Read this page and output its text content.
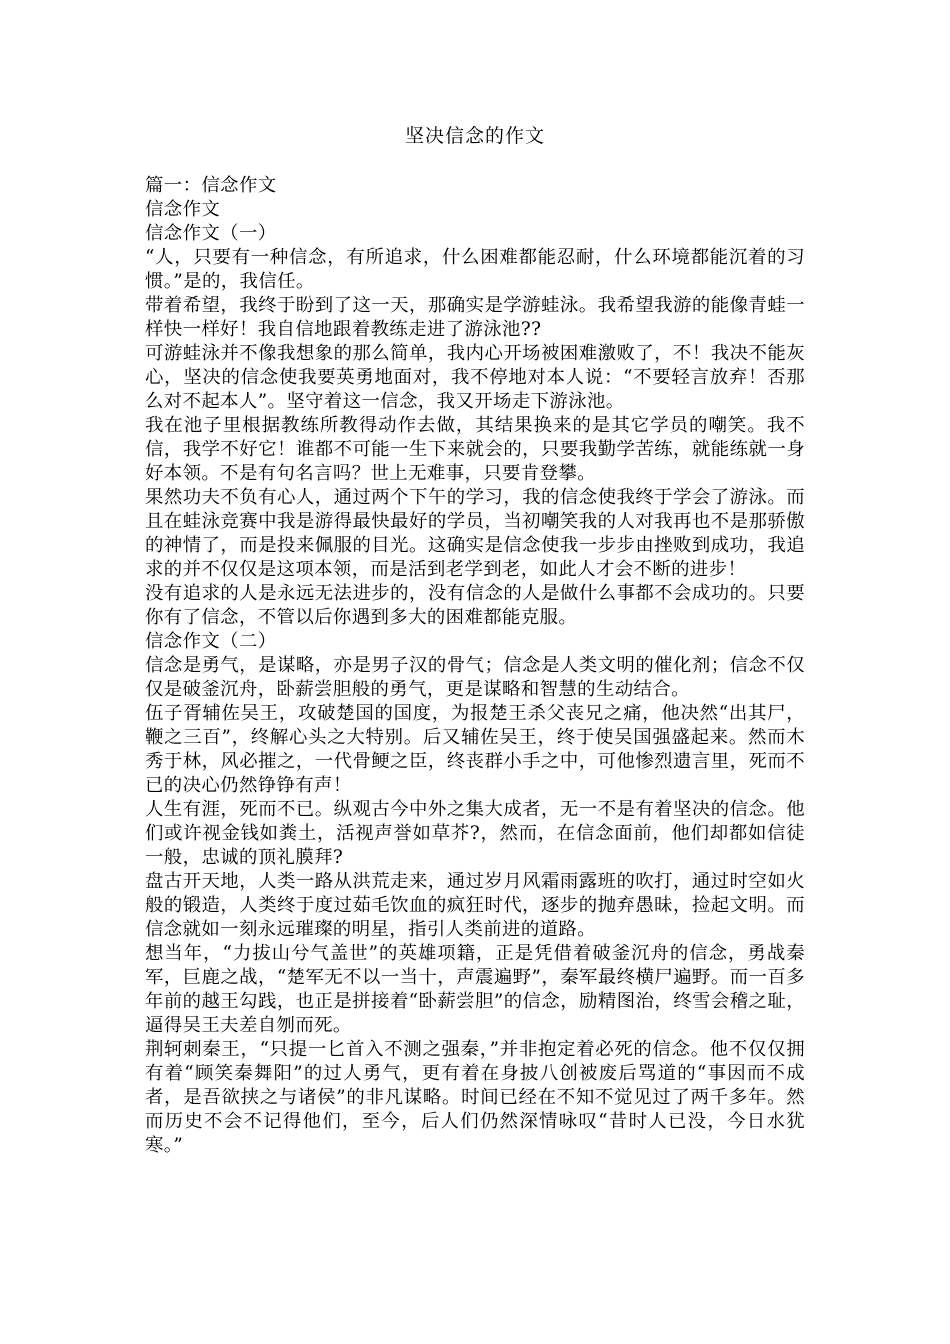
坚决信念的作文

篇一：信念作文

信念作文

信念作文（一）

“人，只要有一种信念，有所追求，什么困难都能忍耐，什么环境都能沉着的习惯。”是的，我信任。

带着希望，我终于盼到了这一天，那确实是学游蛙泳。我希望我游的能像青蛙一样快一样好！我自信地跟着教练走进了游泳池??

可游蛙泳并不像我想象的那么简单，我内心开场被困难激败了，不！我决不能灰心，坚决的信念使我要英勇地面对，我不停地对本人说：“不要轻言放弃！否那么对不起本人”。坚守着这一信念，我又开场走下游泳池。

我在池子里根据教练所教得动作去做，其结果换来的是其它学员的嘲笑。我不信，我学不好它！谁都不可能一生下来就会的，只要我勤学苦练，就能练就一身好本领。不是有句名言吗？世上无难事，只要肯登攀。

果然功夫不负有心人，通过两个下午的学习，我的信念使我终于学会了游泳。而且在蛙泳竞赛中我是游得最快最好的学员，当初嘲笑我的人对我再也不是那骄傲的神情了，而是投来佩服的目光。这确实是信念使我一步步由挫败到成功，我追求的并不仅仅是这项本领，而是活到老学到老，如此人才会不断的进步！

没有追求的人是永远无法进步的，没有信念的人是做什么事都不会成功的。只要你有了信念，不管以后你遇到多大的困难都能克服。

信念作文（二）

信念是勇气，是谋略，亦是男子汉的骨气；信念是人类文明的催化剂；信念不仅仅是破釜沉舟，卧薪尝胆般的勇气，更是谋略和智慧的生动结合。

伍子胥辅佐吴王，攻破楚国的国度，为报楚王杀父丧兄之痛，他决然“出其尸，鞭之三百”，终解心头之大特别。后又辅佐吴王，终于使吴国强盛起来。然而木秀于林，风必摧之，一代骨鲠之臣，终丧群小手之中，可他惨烈遗言里，死而不已的决心仍然铮铮有声！

人生有涯，死而不已。纵观古今中外之集大成者，无一不是有着坚决的信念。他们或许视金钱如粪土，活视声誉如草芥?，然而，在信念面前，他们却都如信徒一般，忠诚的顶礼膜拜?

盘古开天地，人类一路从洪荒走来，通过岁月风霜雨露班的吹打，通过时空如火般的锻造，人类终于度过茹毛饮血的疯狂时代，逐步的抛弃愚昧，捡起文明。而信念就如一刻永远璀璨的明星，指引人类前进的道路。

想当年，“力拔山兮气盖世”的英雄项籍，正是凭借着破釜沉舟的信念，勇战秦军，巨鹿之战，“楚军无不以一当十，声震遍野”，秦军最终横尸遍野。而一百多年前的越王勾践，也正是拼接着“卧薪尝胆”的信念，励精图治，终雪会稽之耻，逼得吴王夫差自刎而死。

荆轲刺秦王，“只提一匕首入不测之强秦，”并非抱定着必死的信念。他不仅仅拥有着“顾笑秦舞阳”的过人勇气，更有着在身披八创被废后骂道的“事因而不成者，是吾欲挟之与诸侯”的非凡谋略。时间已经在不知不觉见过了两千多年。然而历史不会不记得他们，至今，后人们仍然深情咏叹“昔时人已没，今日水犹寒。”
